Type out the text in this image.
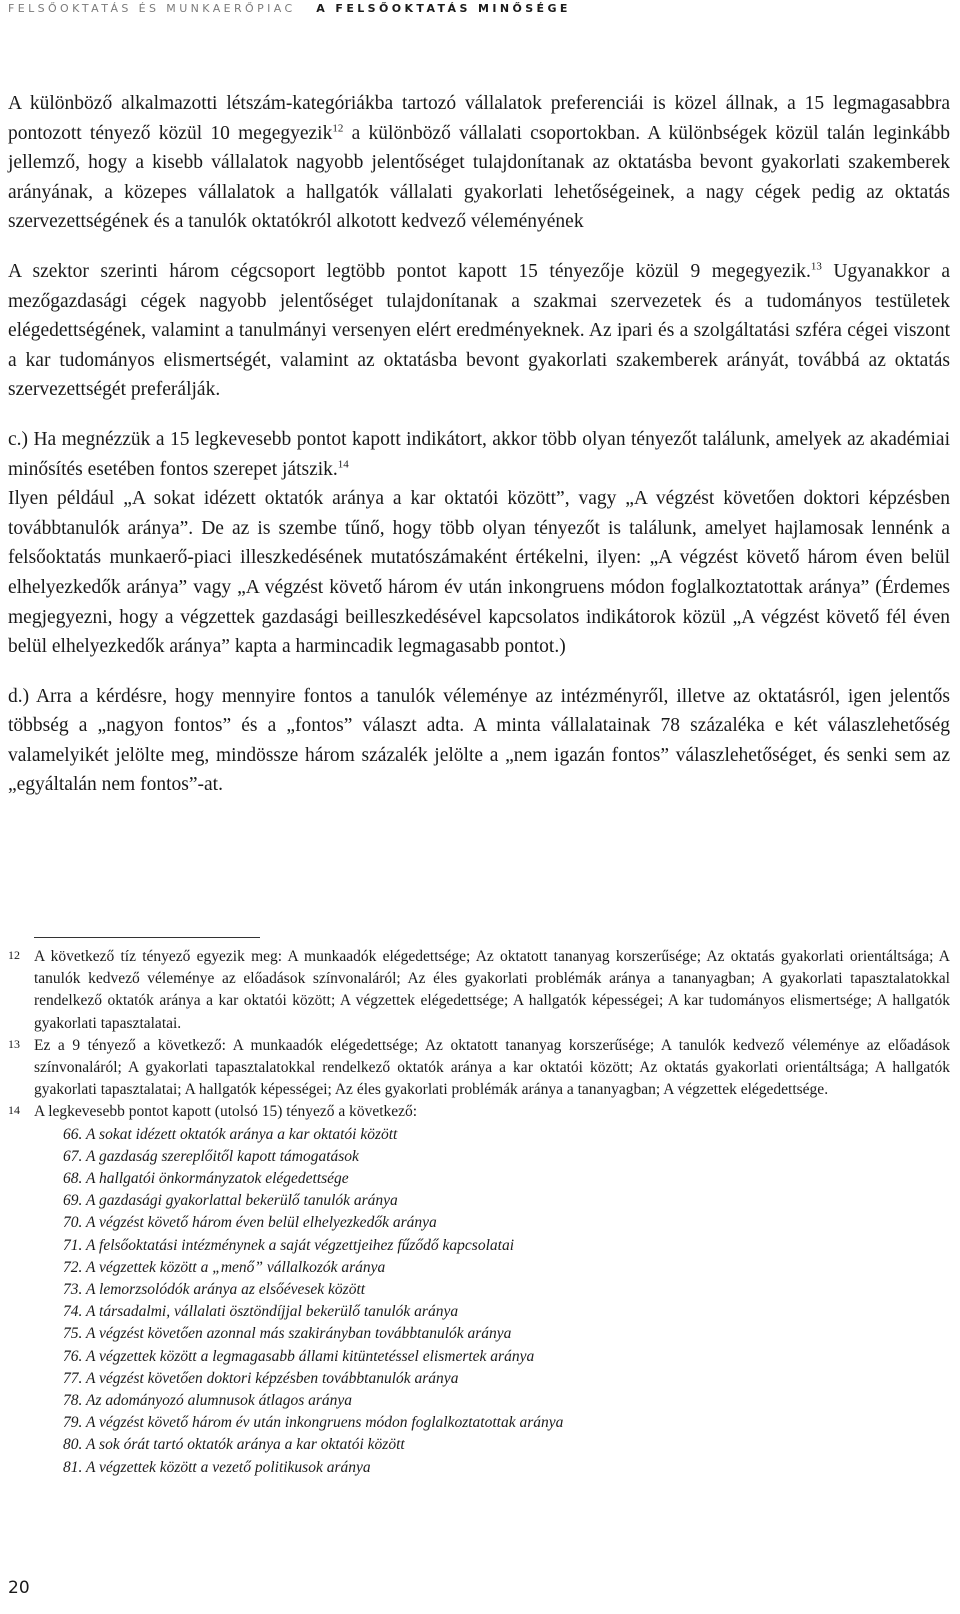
FELSŐOKTATÁS ÉS MUNKAERŐPIAC A FELSŐOKTATÁS MINŐSÉGE

A különböző alkalmazotti létszám-kategóriákba tartozó vállalatok preferenciái is közel állnak, a 15 legmagasabbra pontozott tényező közül 10 megegyezik$^{12}$ a különböző vállalati csoportokban. A különbségek közül talán leginkább jellemző, hogy a kisebb vállalatok nagyobb jelentőséget tulajdonítanak az oktatásba bevont gyakorlati szakemberek arányának, a közepes vállalatok a hallgatók vállalati gyakorlati lehetőségeinek, a nagy cégek pedig az oktatás szervezettségének és a tanulók oktatókról alkotott kedvező véleményének

A szektor szerinti három cégcsoport legtöbb pontot kapott 15 tényezője közül 9 megegyezik.$^{13}$ Ugyanakkor a mezőgazdasági cégek nagyobb jelentőséget tulajdonítanak a szakmai szervezetek és a tudományos testületek elégedettségének, valamint a tanulmányi versenyen elért eredményeknek. Az ipari és a szolgáltatási szféra cégei viszont a kar tudományos elismertségét, valamint az oktatásba bevont gyakorlati szakemberek arányát, továbbá az oktatás szervezettségét preferálják.

c.) Ha megnézzük a 15 legkevesebb pontot kapott indikátort, akkor több olyan tényezőt találunk, amelyek az akadémiai minősítés esetében fontos szerepet játszik.$^{14}$

Ilyen például „A sokat idézett oktatók aránya a kar oktatói között”, vagy „A végzést követően doktori képzésben továbbtanulók aránya”. De az is szembe tűnő, hogy több olyan tényezőt is találunk, amelyet hajlamosak lennénk a felsőoktatás munkaerő-piaci illeszkedésének mutatószámaként értékelni, ilyen: „A végzést követő három éven belül elhelyezkedők aránya” vagy „A végzést követő három év után inkongruens módon foglalkoztatottak aránya” (Érdemes megjegyezni, hogy a végzettek gazdasági beilleszkedésével kapcsolatos indikátorok közül „A végzést követő fél éven belül elhelyezkedők aránya” kapta a harmincadik legmagasabb pontot.)

d.) Arra a kérdésre, hogy mennyire fontos a tanulók véleménye az intézményről, illetve az oktatásról, igen jelentős többség a „nagyon fontos” és a „fontos” választ adta. A minta vállalatainak 78 százaléka e két válaszlehetőség valamelyikét jelölte meg, mindössze három százalék jelölte a „nem igazán fontos” válaszlehetőséget, és senki sem az „egyáltalán nem fontos”-at.

12 A következő tíz tényező egyezik meg: A munkaadók elégedettsége; Az oktatott tananyag korszerűsége; Az oktatás gyakorlati orientáltsága; A tanulók kedvező véleménye az előadások színvonaláról; Az éles gyakorlati problémák aránya a tananyagban; A gyakorlati tapasztalatokkal rendelkező oktatók aránya a kar oktatói között; A végzettek elégedettsége; A hallgatók képességei; A kar tudományos elismertsége; A hallgatók gyakorlati tapasztalatai.
13 Ez a 9 tényező a következő: A munkaadók elégedettsége; Az oktatott tananyag korszerűsége; A tanulók kedvező véleménye az előadások színvonaláról; A gyakorlati tapasztalatokkal rendelkező oktatók aránya a kar oktatói között; Az oktatás gyakorlati orientáltsága; A hallgatók gyakorlati tapasztalatai; A hallgatók képességei; Az éles gyakorlati problémák aránya a tananyagban; A végzettek elégedettsége.
14 A legkevesebb pontot kapott (utolsó 15) tényező a következő:
66. A sokat idézett oktatók aránya a kar oktatói között
67. A gazdaság szereplőitől kapott támogatások
68. A hallgatói önkormányzatok elégedettsége
69. A gazdasági gyakorlattal bekerülő tanulók aránya
70. A végzést követő három éven belül elhelyezkedők aránya
71. A felsőoktatási intézménynek a saját végzettjeihez fűződő kapcsolatai
72. A végzettek között a „menő” vállalkozók aránya
73. A lemorzsolódók aránya az elsőévesek között
74. A társadalmi, vállalati ösztöndíjjal bekerülő tanulók aránya
75. A végzést követően azonnal más szakirányban továbbtanulók aránya
76. A végzettek között a legmagasabb állami kitüntetéssel elismertek aránya
77. A végzést követően doktori képzésben továbbtanulók aránya
78. Az adományozó alumnusok átlagos aránya
79. A végzést követő három év után inkongruens módon foglalkoztatottak aránya
80. A sok órát tartó oktatók aránya a kar oktatói között
81. A végzettek között a vezető politikusok aránya
20
